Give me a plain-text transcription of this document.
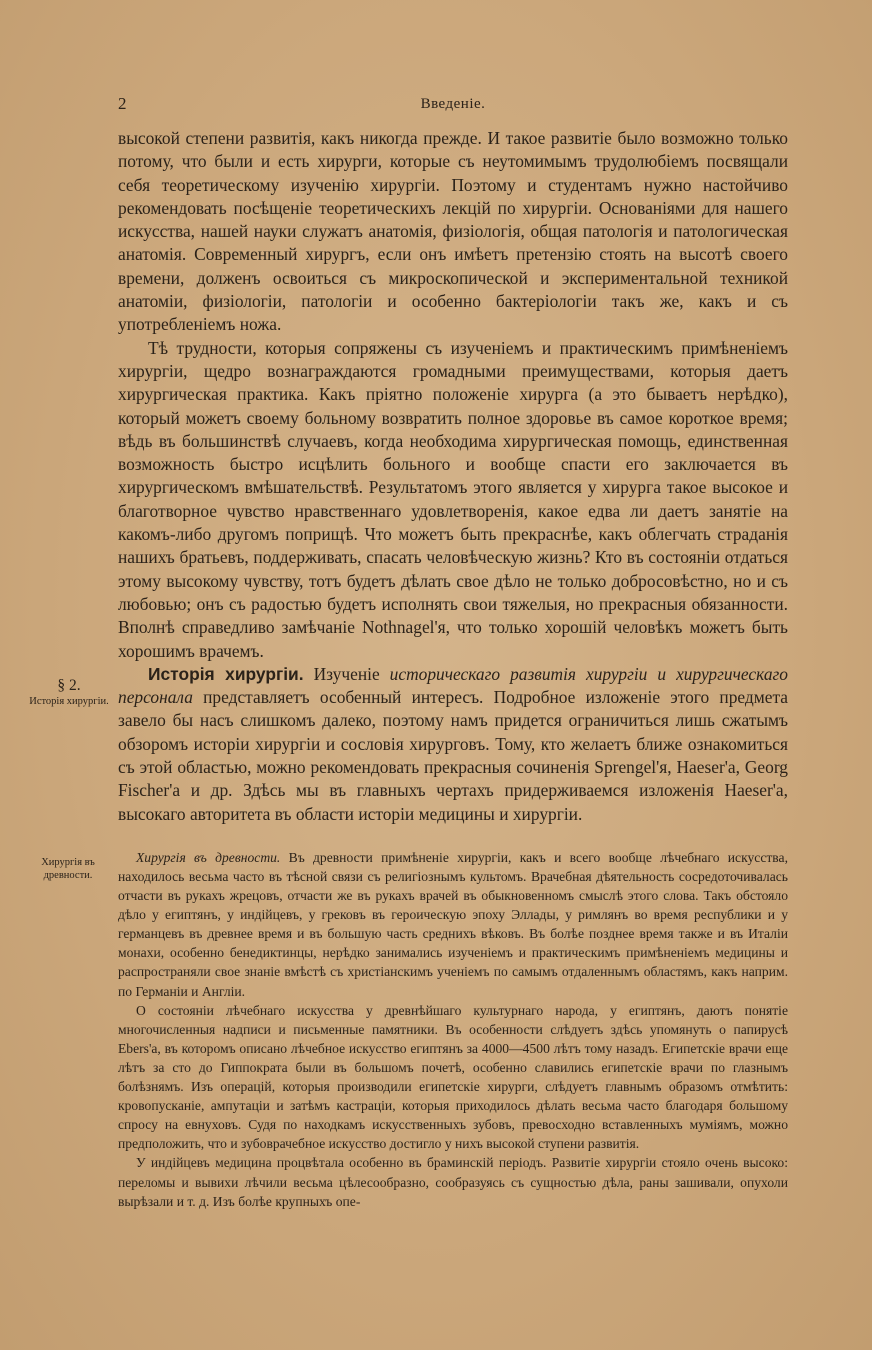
2	Введеніе.
§ 2.
Исторія хирургіи.
Хирургія въ древности.

высокой степени развитія, какъ никогда прежде. И такое развитіе было возможно только потому, что были и есть хирурги, которые съ неутомимымъ трудолюбіемъ посвящали себя теоретическому изученію хирургіи. Поэтому и студентамъ нужно настойчиво рекомендовать посѣщеніе теоретическихъ лекцій по хирургіи. Основаніями для нашего искусства, нашей науки служатъ анатомія, физіологія, общая патологія и патологическая анатомія. Современный хирургъ, если онъ имѣетъ претензію стоять на высотѣ своего времени, долженъ освоиться съ микроскопической и экспериментальной техникой анатоміи, физіологіи, патологіи и особенно бактеріологіи такъ же, какъ и съ употребленіемъ ножа.

Тѣ трудности, которыя сопряжены съ изученіемъ и практическимъ примѣненіемъ хирургіи, щедро вознаграждаются громадными преимуществами, которыя даетъ хирургическая практика. Какъ пріятно положеніе хирурга (а это бываетъ нерѣдко), который можетъ своему больному возвратить полное здоровье въ самое короткое время; вѣдь въ большинствѣ случаевъ, когда необходима хирургическая помощь, единственная возможность быстро исцѣлить больного и вообще спасти его заключается въ хирургическомъ вмѣшательствѣ. Результатомъ этого является у хирурга такое высокое и благотворное чувство нравственнаго удовлетворенія, какое едва ли даетъ занятіе на какомъ-либо другомъ поприщѣ. Что можетъ быть прекраснѣе, какъ облегчать страданія нашихъ братьевъ, поддерживать, спасать человѣческую жизнь? Кто въ состояніи отдаться этому высокому чувству, тотъ будетъ дѣлать свое дѣло не только добросовѣстно, но и съ любовью; онъ съ радостью будетъ исполнять свои тяжелыя, но прекрасныя обязанности. Вполнѣ справедливо замѣчаніе Nothnagel'я, что только хорошій человѣкъ можетъ быть хорошимъ врачемъ.

Исторія хирургіи. Изученіе историческаго развитія хирургіи и хирургическаго персонала представляетъ особенный интересъ. Подробное изложеніе этого предмета завело бы насъ слишкомъ далеко, поэтому намъ придется ограничиться лишь сжатымъ обзоромъ исторіи хирургіи и сословія хирурговъ. Тому, кто желаетъ ближе ознакомиться съ этой областью, можно рекомендовать прекрасныя сочиненія Sprengel'я, Haeser'а, Georg Fischer'а и др. Здѣсь мы въ главныхъ чертахъ придерживаемся изложенія Haeser'а, высокаго авторитета въ области исторіи медицины и хирургіи.

Хирургія въ древности. Въ древности примѣненіе хирургіи, какъ и всего вообще лѣчебнаго искусства, находилось весьма часто въ тѣсной связи съ религіознымъ культомъ. Врачебная дѣятельность сосредоточивалась отчасти въ рукахъ жрецовъ, отчасти же въ рукахъ врачей въ обыкновенномъ смыслѣ этого слова. Такъ обстояло дѣло у египтянъ, у индійцевъ, у грековъ въ героическую эпоху Эллады, у римлянъ во время республики и у германцевъ въ древнее время и въ большую часть среднихъ вѣковъ. Въ болѣе позднее время также и въ Италіи монахи, особенно бенедиктинцы, нерѣдко занимались изученіемъ и практическимъ примѣненіемъ медицины и распространяли свое знаніе вмѣстѣ съ христіанскимъ ученіемъ по самымъ отдаленнымъ областямъ, какъ наприм. по Германіи и Англіи.

О состояніи лѣчебнаго искусства у древнѣйшаго культурнаго народа, у египтянъ, даютъ понятіе многочисленныя надписи и письменные памятники. Въ особенности слѣдуетъ здѣсь упомянуть о папирусѣ Ebers'а, въ которомъ описано лѣчебное искусство египтянъ за 4000—4500 лѣтъ тому назадъ. Египетскіе врачи еще лѣтъ за сто до Гиппократа были въ большомъ почетѣ, особенно славились египетскіе врачи по глазнымъ болѣзнямъ. Изъ операцій, которыя производили египетскіе хирурги, слѣдуетъ главнымъ образомъ отмѣтить: кровопусканіе, ампутаціи и затѣмъ кастраціи, которыя приходилось дѣлать весьма часто благодаря большому спросу на евнуховъ. Судя по находкамъ искусственныхъ зубовъ, превосходно вставленныхъ муміямъ, можно предположить, что и зубоврачебное искусство достигло у нихъ высокой ступени развитія.

У индійцевъ медицина процвѣтала особенно въ браминскій періодъ. Развитіе хирургіи стояло очень высоко: переломы и вывихи лѣчили весьма цѣлесообразно, сообразуясь съ сущностью дѣла, раны зашивали, опухоли вырѣзали и т. д. Изъ болѣе крупныхъ опе-
